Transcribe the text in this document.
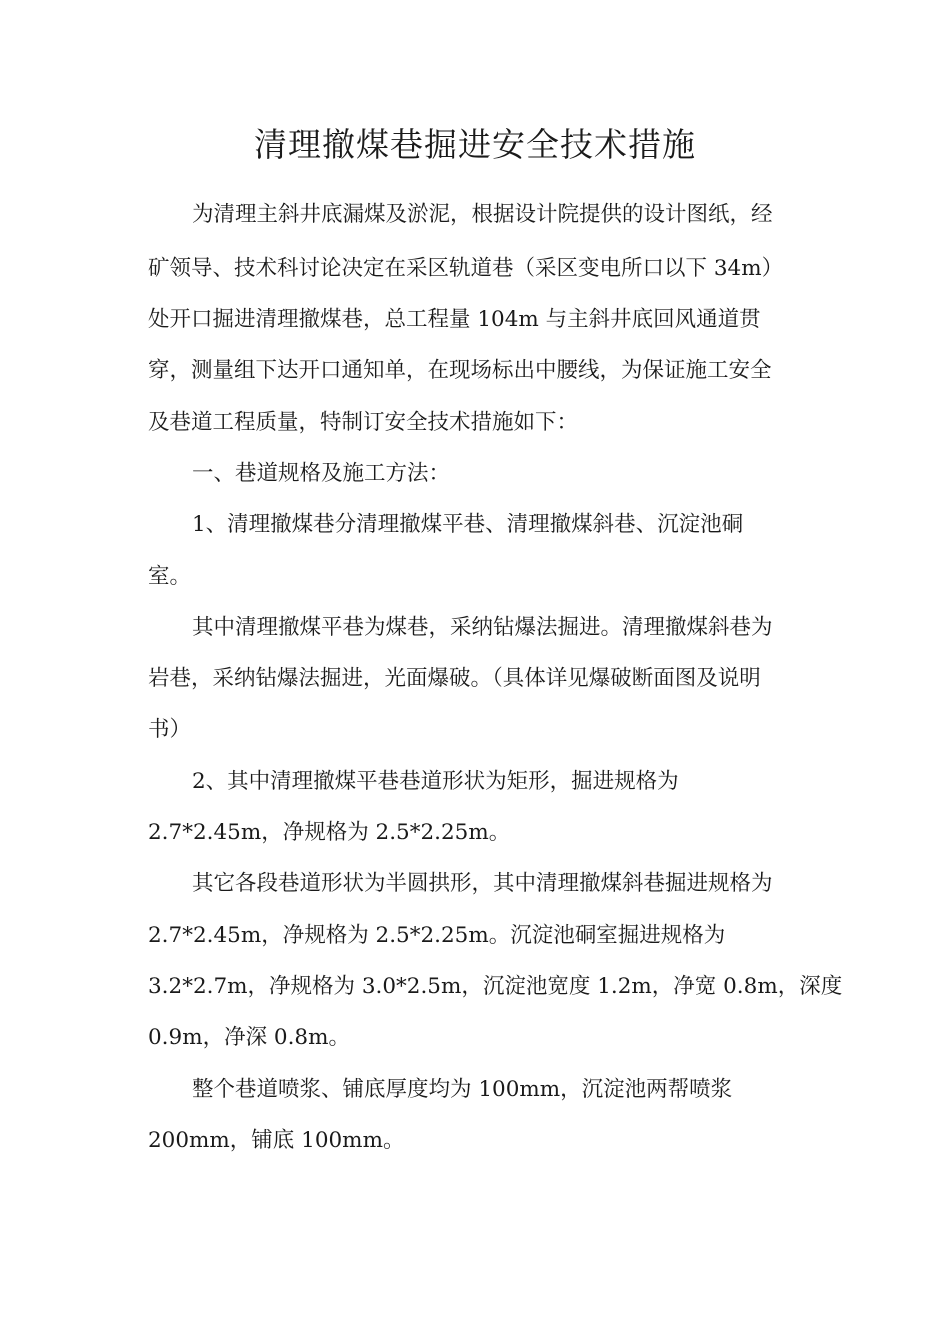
清理撤煤巷掘进安全技术措施

为清理主斜井底漏煤及淤泥，根据设计院提供的设计图纸，经

矿领导、技术科讨论决定在采区轨道巷（采区变电所口以下 34m）

处开口掘进清理撤煤巷，总工程量 104m 与主斜井底回风通道贯

穿，测量组下达开口通知单，在现场标出中腰线，为保证施工安全

及巷道工程质量，特制订安全技术措施如下：

一、巷道规格及施工方法：

1、清理撤煤巷分清理撤煤平巷、清理撤煤斜巷、沉淀池硐

室。

其中清理撤煤平巷为煤巷，采纳钻爆法掘进。清理撤煤斜巷为

岩巷，采纳钻爆法掘进，光面爆破。（具体详见爆破断面图及说明

书）

2、其中清理撤煤平巷巷道形状为矩形，掘进规格为

2.7*2.45m，净规格为 2.5*2.25m。

其它各段巷道形状为半圆拱形，其中清理撤煤斜巷掘进规格为

2.7*2.45m，净规格为 2.5*2.25m。沉淀池硐室掘进规格为

3.2*2.7m，净规格为 3.0*2.5m，沉淀池宽度 1.2m，净宽 0.8m，深度

0.9m，净深 0.8m。

整个巷道喷浆、铺底厚度均为 100mm，沉淀池两帮喷浆

200mm，铺底 100mm。
